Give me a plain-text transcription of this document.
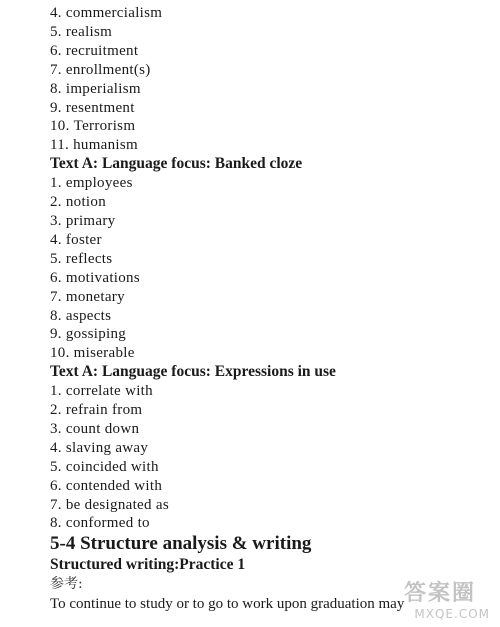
4. commercialism
5. realism
6. recruitment
7. enrollment(s)
8. imperialism
9. resentment
10. Terrorism
11. humanism
Text A: Language focus: Banked cloze
1. employees
2. notion
3. primary
4. foster
5. reflects
6. motivations
7. monetary
8. aspects
9. gossiping
10. miserable
Text A: Language focus: Expressions in use
1. correlate with
2. refrain from
3. count down
4. slaving away
5. coincided with
6. contended with
7. be designated as
8. conformed to
5-4 Structure analysis & writing
Structured writing:Practice 1

参考:

To continue to study or to go to work upon graduation may 答案圈
MXQE.COM
